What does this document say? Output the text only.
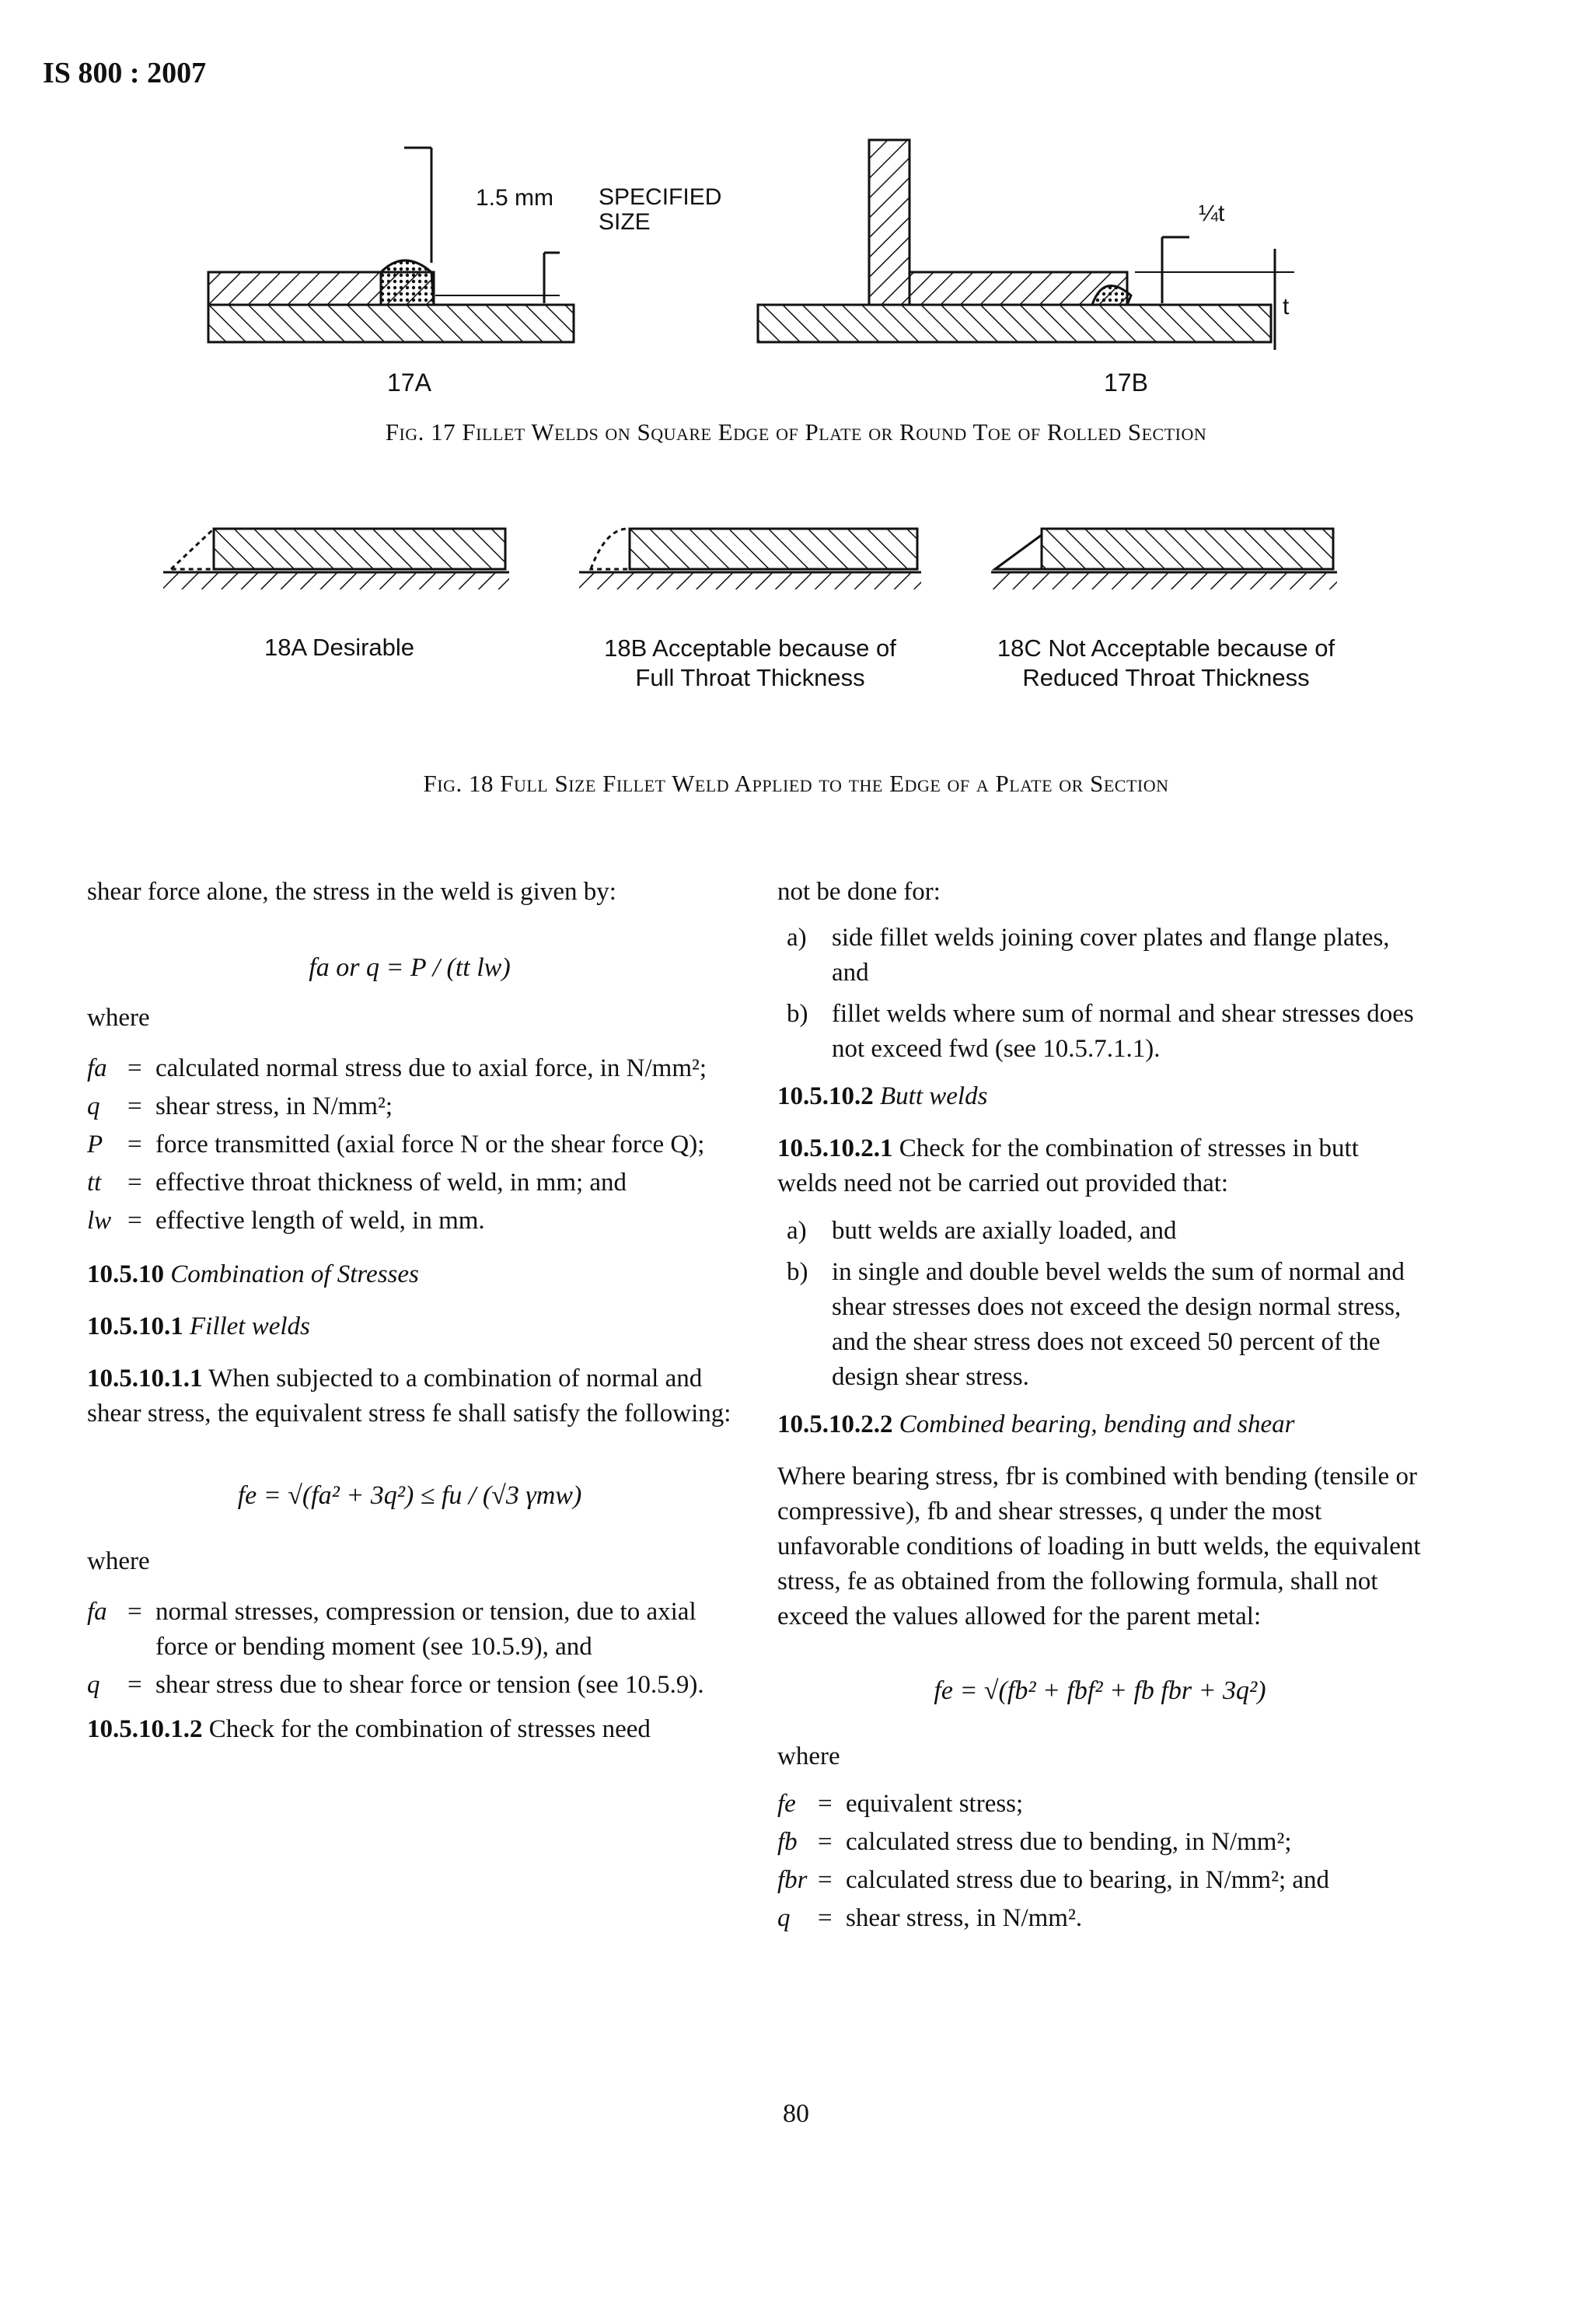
IS 800 : 2007
1.5 mm SPECIFIED
SIZE	¼t
t
17A	17B
Fig. 17 Fillet Welds on Square Edge of Plate or Round Toe of Rolled Section
18A Desirable	18B Acceptable because of
Full Throat Thickness
18C Not Acceptable because of
Reduced Throat Thickness
Fig. 18 Full Size Fillet Weld Applied to the Edge of a Plate or Section

shear force alone, the stress in the weld is given by:

fa or q = P / (tt lw)

where

fa = calculated normal stress due to axial force, in N/mm²;
q = shear stress, in N/mm²;
P = force transmitted (axial force N or the shear force Q);
tt = effective throat thickness of weld, in mm; and
lw = effective length of weld, in mm.

10.5.10 Combination of Stresses

10.5.10.1 Fillet welds

10.5.10.1.1 When subjected to a combination of normal and shear stress, the equivalent stress fe shall satisfy the following:

fe = √(fa² + 3q²) ≤ fu / (√3 γmw)

where

fa = normal stresses, compression or tension, due to axial force or bending moment (see 10.5.9), and
q = shear stress due to shear force or tension (see 10.5.9).

10.5.10.1.2 Check for the combination of stresses need

not be done for:

a) side fillet welds joining cover plates and flange plates, and
b) fillet welds where sum of normal and shear stresses does not exceed fwd (see 10.5.7.1.1).

10.5.10.2 Butt welds

10.5.10.2.1 Check for the combination of stresses in butt welds need not be carried out provided that:

a) butt welds are axially loaded, and
b) in single and double bevel welds the sum of normal and shear stresses does not exceed the design normal stress, and the shear stress does not exceed 50 percent of the design shear stress.

10.5.10.2.2 Combined bearing, bending and shear

Where bearing stress, fbr is combined with bending (tensile or compressive), fb and shear stresses, q under the most unfavorable conditions of loading in butt welds, the equivalent stress, fe as obtained from the following formula, shall not exceed the values allowed for the parent metal:

fe = √(fb² + fbf² + fb fbr + 3q²)

where

fe = equivalent stress;
fb = calculated stress due to bending, in N/mm²;
fbr = calculated stress due to bearing, in N/mm²; and
q = shear stress, in N/mm².
80
